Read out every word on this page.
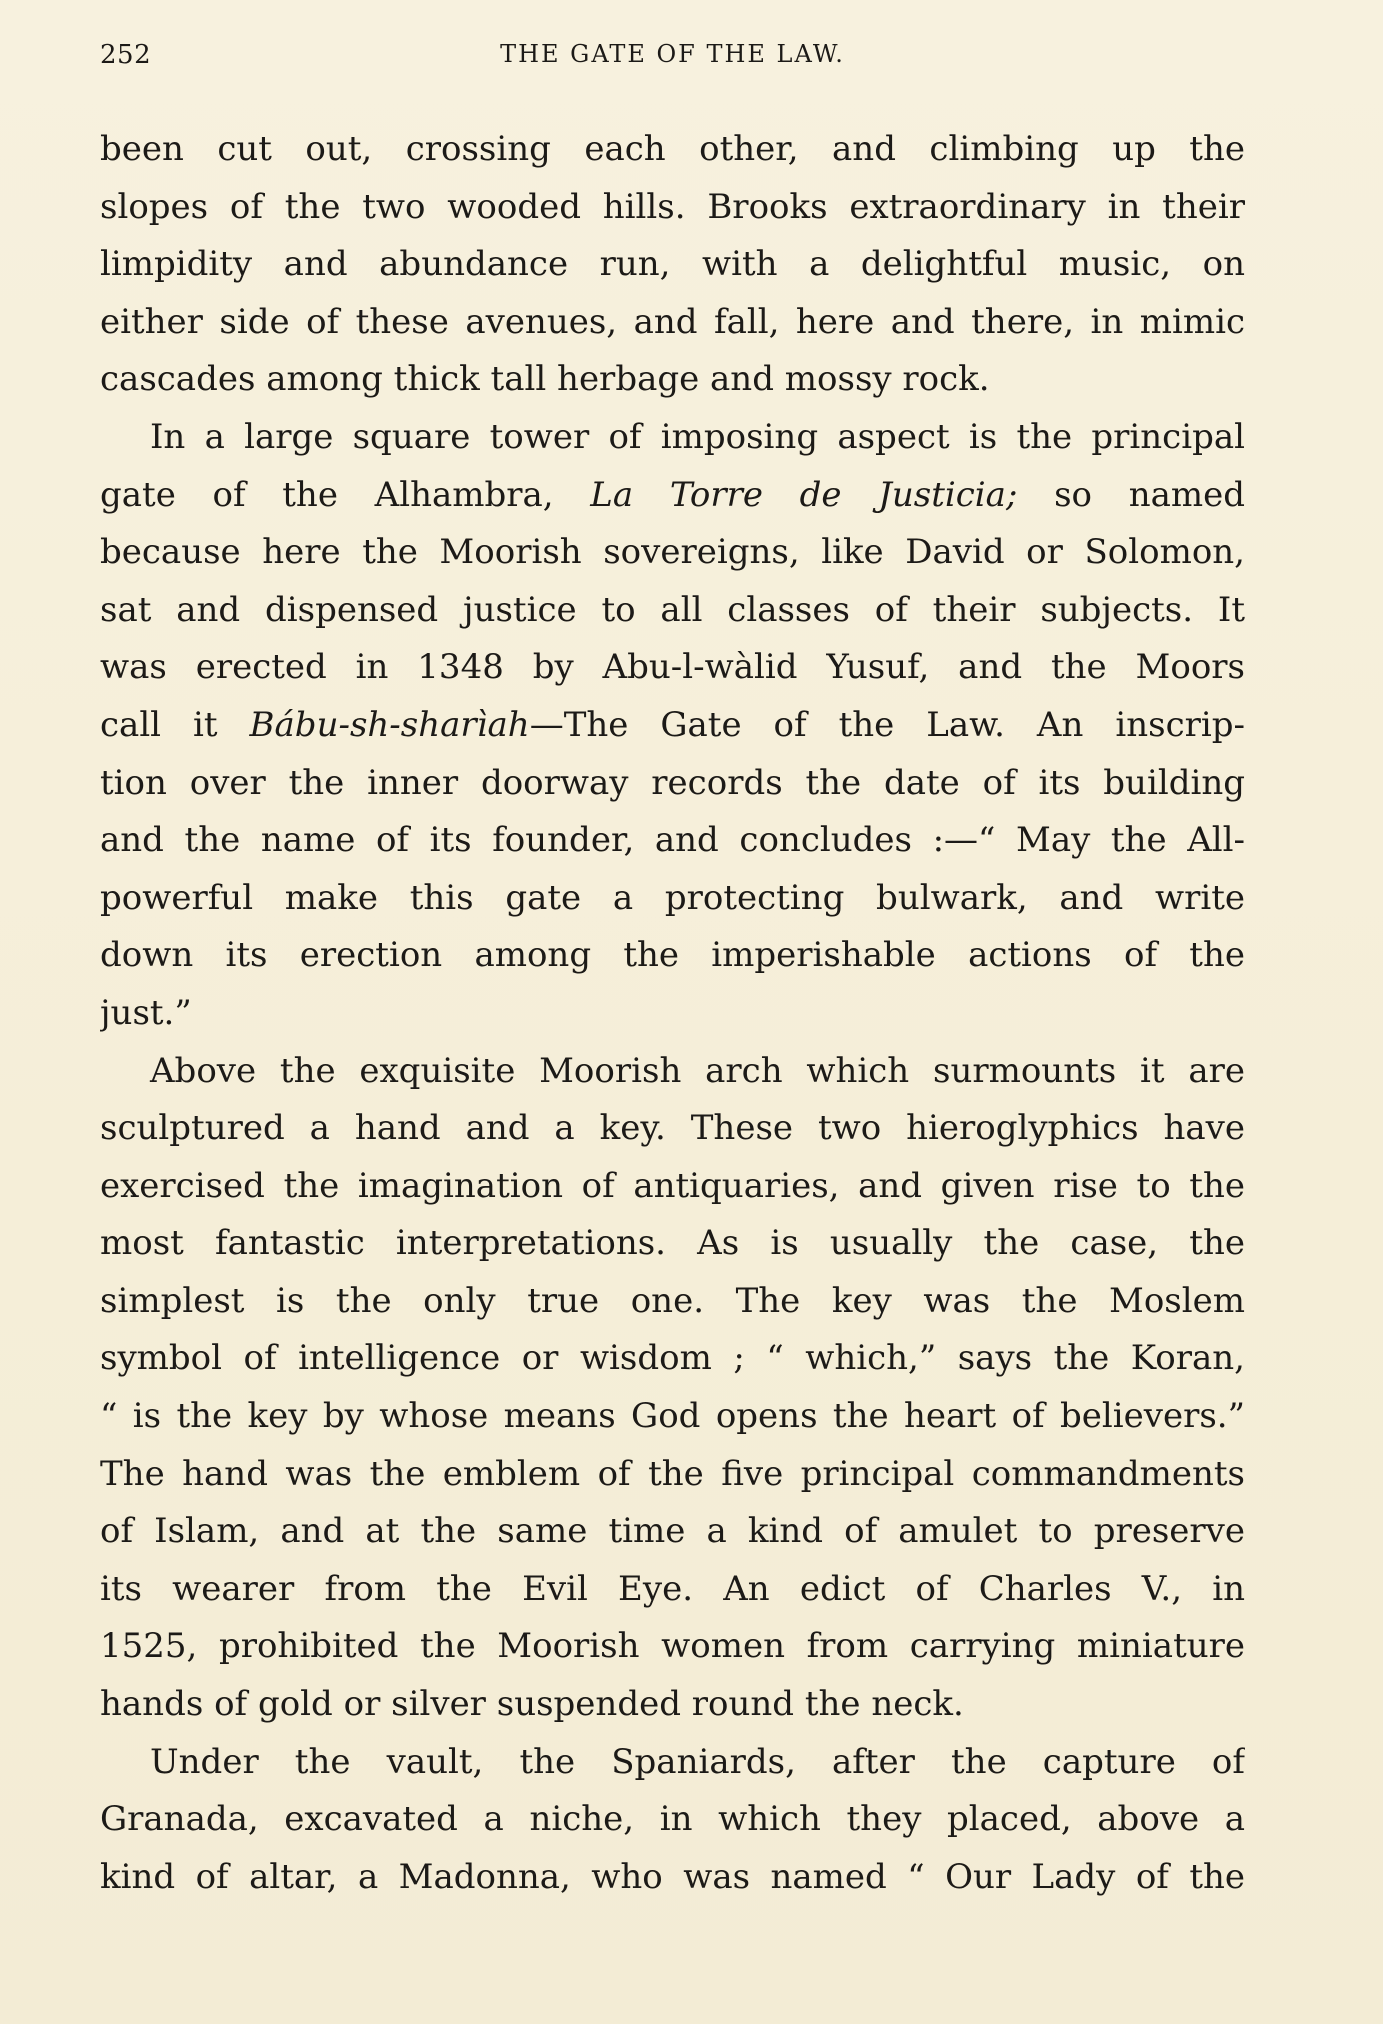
252	THE GATE OF THE LAW.
been cut out, crossing each other, and climbing up the
slopes of the two wooded hills. Brooks extraordinary in their
limpidity and abundance run, with a delightful music, on
either side of these avenues, and fall, here and there, in mimic
cascades among thick tall herbage and mossy rock.
In a large square tower of imposing aspect is the principal
gate of the Alhambra, La Torre de Justicia; so named
because here the Moorish sovereigns, like David or Solomon,
sat and dispensed justice to all classes of their subjects. It
was erected in 1348 by Abu-l-wàlid Yusuf, and the Moors
call it Bábu-sh-sharìah—The Gate of the Law. An inscrip-
tion over the inner doorway records the date of its building
and the name of its founder, and concludes :—“ May the All-
powerful make this gate a protecting bulwark, and write
down its erection among the imperishable actions of the
just.”
Above the exquisite Moorish arch which surmounts it are
sculptured a hand and a key. These two hieroglyphics have
exercised the imagination of antiquaries, and given rise to the
most fantastic interpretations. As is usually the case, the
simplest is the only true one. The key was the Moslem
symbol of intelligence or wisdom ; “ which,” says the Koran,
“ is the key by whose means God opens the heart of believers.”
The hand was the emblem of the five principal commandments
of Islam, and at the same time a kind of amulet to preserve
its wearer from the Evil Eye. An edict of Charles V., in
1525, prohibited the Moorish women from carrying miniature
hands of gold or silver suspended round the neck.
Under the vault, the Spaniards, after the capture of
Granada, excavated a niche, in which they placed, above a
kind of altar, a Madonna, who was named “ Our Lady of the
